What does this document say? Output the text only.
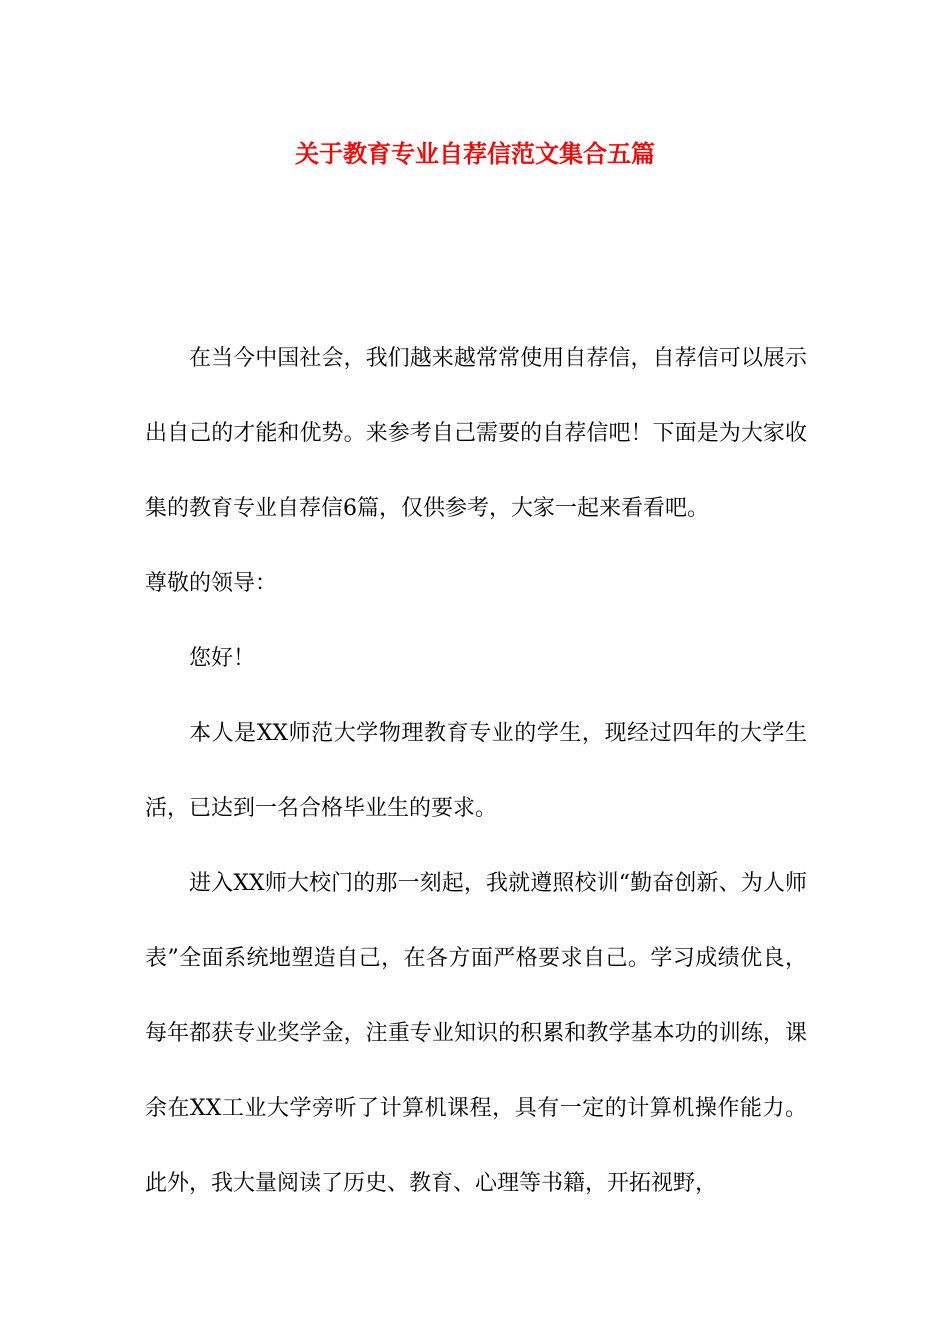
关于教育专业自荐信范文集合五篇

在当今中国社会，我们越来越常常使用自荐信，自荐信可以展示出自己的才能和优势。来参考自己需要的自荐信吧！下面是为大家收集的教育专业自荐信6篇，仅供参考，大家一起来看看吧。

尊敬的领导：

您好！

本人是XX师范大学物理教育专业的学生，现经过四年的大学生活，已达到一名合格毕业生的要求。

进入XX师大校门的那一刻起，我就遵照校训“勤奋创新、为人师表”全面系统地塑造自己，在各方面严格要求自己。学习成绩优良，每年都获专业奖学金，注重专业知识的积累和教学基本功的训练，课余在XX工业大学旁听了计算机课程，具有一定的计算机操作能力。此外，我大量阅读了历史、教育、心理等书籍，开拓视野，
